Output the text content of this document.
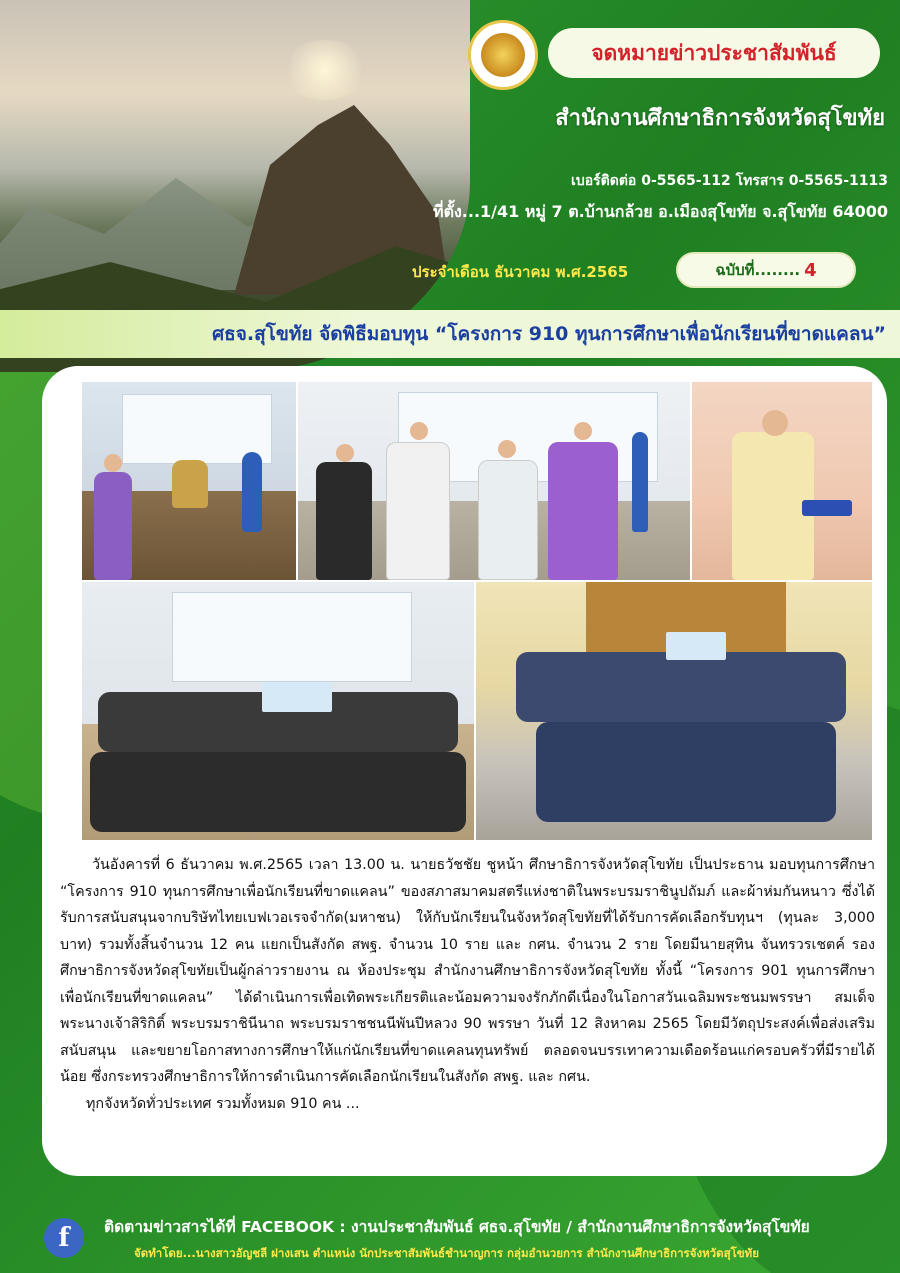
จดหมายข่าวประชาสัมพันธ์
สำนักงานศึกษาธิการจังหวัดสุโขทัย
เบอร์ติดต่อ 0-5565-112 โทรสาร 0-5565-1113
ที่ตั้ง...1/41 หมู่ 7 ต.บ้านกล้วย อ.เมืองสุโขทัย จ.สุโขทัย 64000
ประจำเดือน ธันวาคม พ.ศ.2565	ฉบับที่........ 4
ศธจ.สุโขทัย จัดพิธีมอบทุน “โครงการ 910 ทุนการศึกษาเพื่อนักเรียนที่ขาดแคลน”

วันอังคารที่ 6 ธันวาคม พ.ศ.2565 เวลา 13.00 น. นายธวัชชัย ชูหน้า ศึกษาธิการจังหวัดสุโขทัย เป็นประธาน มอบทุนการศึกษา “โครงการ 910 ทุนการศึกษาเพื่อนักเรียนที่ขาดแคลน” ของสภาสมาคมสตรีแห่งชาติในพระบรมราชินูปถัมภ์ และผ้าห่มกันหนาว ซึ่งได้รับการสนับสนุนจากบริษัทไทยเบฟเวอเรจจำกัด(มหาชน) ให้กับนักเรียนในจังหวัดสุโขทัยที่ได้รับการคัดเลือกรับทุนฯ (ทุนละ 3,000 บาท) รวมทั้งสิ้นจำนวน 12 คน แยกเป็นสังกัด สพฐ. จำนวน 10 ราย และ กศน. จำนวน 2 ราย โดยมีนายสุทิน จันทรวรเชตค์ รองศึกษาธิการจังหวัดสุโขทัยเป็นผู้กล่าวรายงาน ณ ห้องประชุม สำนักงานศึกษาธิการจังหวัดสุโขทัย ทั้งนี้ “โครงการ 901 ทุนการศึกษาเพื่อนักเรียนที่ขาดแคลน” ได้ดำเนินการเพื่อเทิดพระเกียรติและน้อมความจงรักภักดีเนื่องในโอกาสวันเฉลิมพระชนมพรรษา สมเด็จพระนางเจ้าสิริกิติ์ พระบรมราชินีนาถ พระบรมราชชนนีพันปีหลวง 90 พรรษา วันที่ 12 สิงหาคม 2565 โดยมีวัตถุประสงค์เพื่อส่งเสริมสนับสนุน และขยายโอกาสทางการศึกษาให้แก่นักเรียนที่ขาดแคลนทุนทรัพย์ ตลอดจนบรรเทาความเดือดร้อนแก่ครอบครัวที่มีรายได้น้อย ซึ่งกระทรวงศึกษาธิการให้การดำเนินการคัดเลือกนักเรียนในสังกัด สพฐ. และ กศน.

ทุกจังหวัดทั่วประเทศ รวมทั้งหมด 910 คน ...

f	ติดตามข่าวสารได้ที่ FACEBOOK : งานประชาสัมพันธ์ ศธจ.สุโขทัย / สำนักงานศึกษาธิการจังหวัดสุโขทัย
จัดทำโดย...นางสาวอัญชลี ฝางเสน ตำแหน่ง นักประชาสัมพันธ์ชำนาญการ กลุ่มอำนวยการ สำนักงานศึกษาธิการจังหวัดสุโขทัย
